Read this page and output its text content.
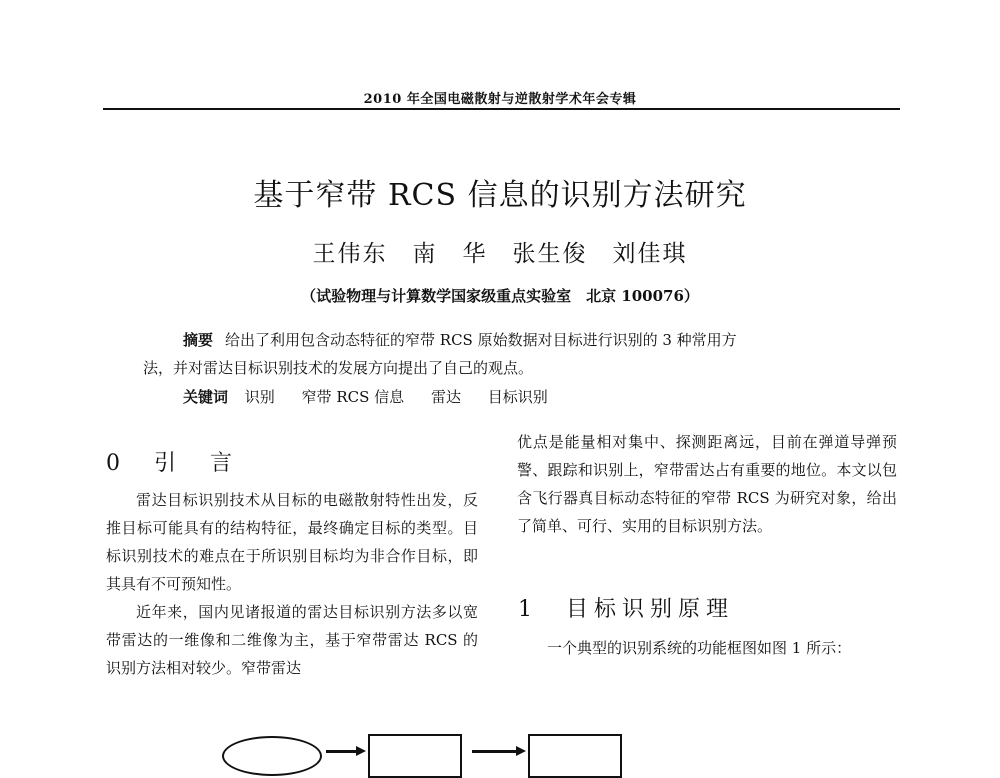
2010 年全国电磁散射与逆散射学术年会专辑
基于窄带 RCS 信息的识别方法研究
王伟东　南　华　张生俊　刘佳琪
（试验物理与计算数学国家级重点实验室　北京 100076）
摘要 给出了利用包含动态特征的窄带 RCS 原始数据对目标进行识别的 3 种常用方
法，并对雷达目标识别技术的发展方向提出了自己的观点。
关键词 识别 窄带 RCS 信息 雷达 目标识别
0　引　言

雷达目标识别技术从目标的电磁散射特性出发，反推目标可能具有的结构特征，最终确定目标的类型。目标识别技术的难点在于所识别目标均为非合作目标，即其具有不可预知性。

近年来，国内见诸报道的雷达目标识别方法多以宽带雷达的一维像和二维像为主，基于窄带雷达 RCS 的识别方法相对较少。窄带雷达

优点是能量相对集中、探测距离远，目前在弹道导弹预警、跟踪和识别上，窄带雷达占有重要的地位。本文以包含飞行器真目标动态特征的窄带 RCS 为研究对象，给出了简单、可行、实用的目标识别方法。

1　目标识别原理

一个典型的识别系统的功能框图如图 1 所示：
